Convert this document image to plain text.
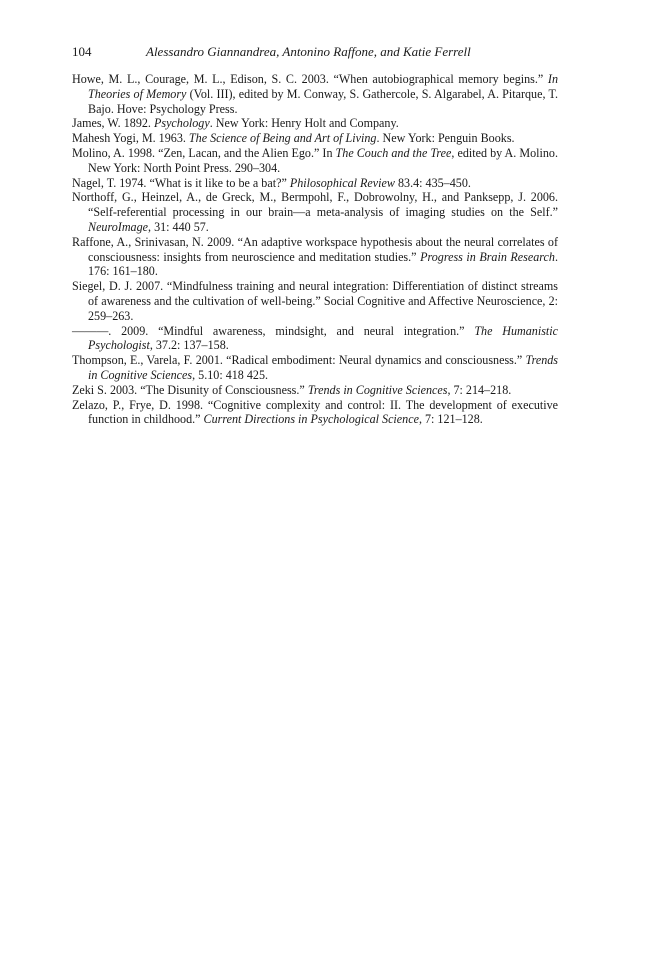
104	Alessandro Giannandrea, Antonino Raffone, and Katie Ferrell

Howe, M. L., Courage, M. L., Edison, S. C. 2003. “When autobiographical memory begins.” In Theories of Memory (Vol. III), edited by M. Conway, S. Gathercole, S. Algarabel, A. Pitarque, T. Bajo. Hove: Psychology Press.

James, W. 1892. Psychology. New York: Henry Holt and Company.

Mahesh Yogi, M. 1963. The Science of Being and Art of Living. New York: Penguin Books.

Molino, A. 1998. “Zen, Lacan, and the Alien Ego.” In The Couch and the Tree, edited by A. Molino. New York: North Point Press. 290–304.

Nagel, T. 1974. “What is it like to be a bat?” Philosophical Review 83.4: 435–450.

Northoff, G., Heinzel, A., de Greck, M., Bermpohl, F., Dobrowolny, H., and Panksepp, J. 2006. “Self-referential processing in our brain—a meta-analysis of imaging studies on the Self.” NeuroImage, 31: 440 57.

Raffone, A., Srinivasan, N. 2009. “An adaptive workspace hypothesis about the neural correlates of consciousness: insights from neuroscience and meditation studies.” Progress in Brain Research. 176: 161–180.

Siegel, D. J. 2007. “Mindfulness training and neural integration: Differentiation of distinct streams of awareness and the cultivation of well-being.” Social Cognitive and Affective Neuroscience, 2: 259–263.

———. 2009. “Mindful awareness, mindsight, and neural integration.” The Humanistic Psychologist, 37.2: 137–158.

Thompson, E., Varela, F. 2001. “Radical embodiment: Neural dynamics and consciousness.” Trends in Cognitive Sciences, 5.10: 418 425.

Zeki S. 2003. “The Disunity of Consciousness.” Trends in Cognitive Sciences, 7: 214–218.

Zelazo, P., Frye, D. 1998. “Cognitive complexity and control: II. The development of executive function in childhood.” Current Directions in Psychological Science, 7: 121–128.
